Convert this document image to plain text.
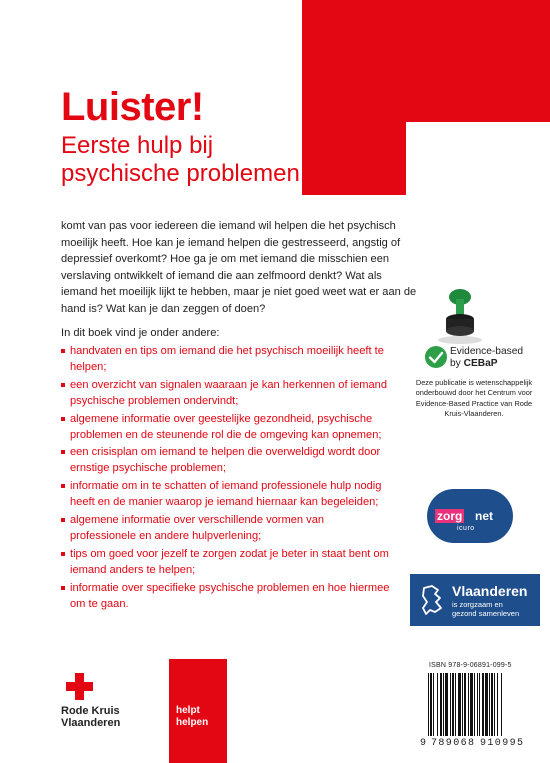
Luister!
Eerste hulp bij
psychische problemen

komt van pas voor iedereen die iemand wil helpen die het psychisch moeilijk heeft. Hoe kan je iemand helpen die gestresseerd, angstig of depressief overkomt? Hoe ga je om met iemand die misschien een verslaving ontwikkelt of iemand die aan zelfmoord denkt? Wat als iemand het moeilijk lijkt te hebben, maar je niet goed weet wat er aan de hand is? Wat kan je dan zeggen of doen?

In dit boek vind je onder andere:
handvaten en tips om iemand die het psychisch moeilijk heeft te helpen;
een overzicht van signalen waaraan je kan herkennen of iemand psychische problemen ondervindt;
algemene informatie over geestelijke gezondheid, psychische problemen en de steunende rol die de omgeving kan opnemen;
een crisisplan om iemand te helpen die overweldigd wordt door ernstige psychische problemen;
informatie om in te schatten of iemand professionele hulp nodig heeft en de manier waarop je iemand hiernaar kan begeleiden;
algemene informatie over verschillende vormen van professionele en andere hulpverlening;
tips om goed voor jezelf te zorgen zodat je beter in staat bent om iemand anders te helpen;
informatie over specifieke psychische problemen en hoe hiermee om te gaan.
Evidence-based
by CEBaP

Deze publicatie is wetenschappelijk onderbouwd door het Centrum voor Evidence-Based Practice van Rode Kruis-Vlaanderen.

zorg net
icuro
Vlaanderen
is zorgzaam en
gezond samenleven
ISBN 978-9-06891-099-5
9 789068 910995
Rode Kruis
Vlaanderen
helpt
helpen
